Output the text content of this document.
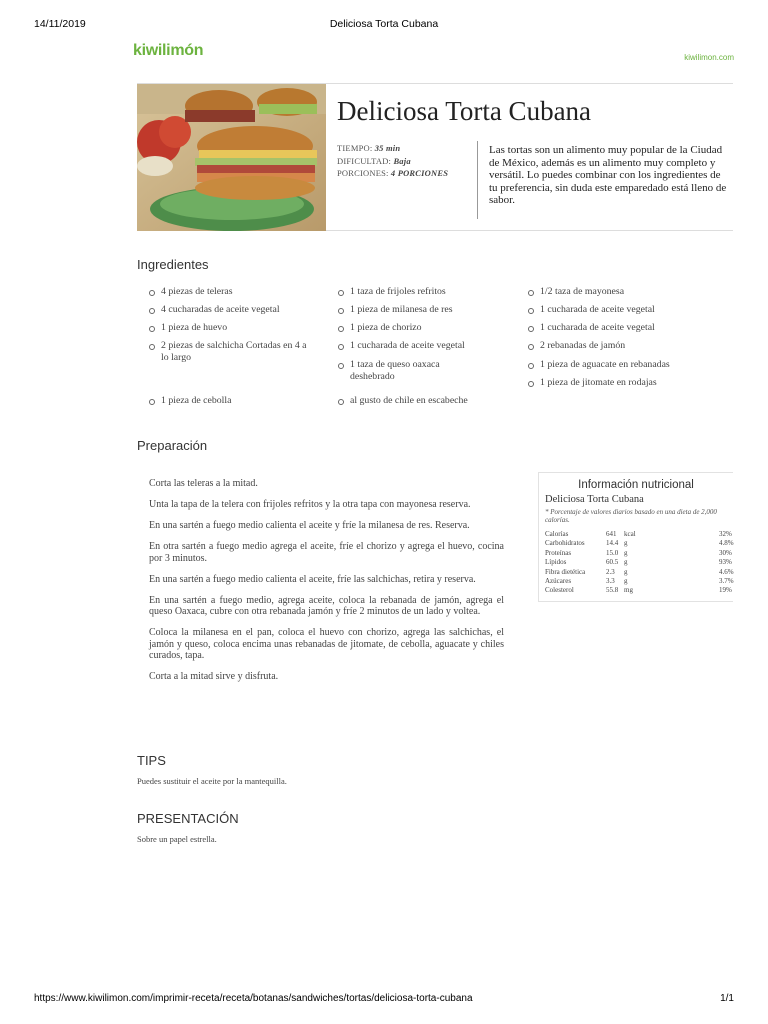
14/11/2019	Deliciosa Torta Cubana
kiwilimón	kiwilimon.com
Deliciosa Torta Cubana
TIEMPO: 35 min
DIFICULTAD: Baja
PORCIONES: 4 PORCIONES

Las tortas son un alimento muy popular de la Ciudad de México, además es un alimento muy completo y versátil. Lo puedes combinar con los ingredientes de tu preferencia, sin duda este emparedado está lleno de sabor.

Ingredientes
4 piezas de teleras
4 cucharadas de aceite vegetal
1 pieza de huevo
2 piezas de salchicha Cortadas en 4 a lo largo
1 pieza de cebolla
1 taza de frijoles refritos
1 pieza de milanesa de res
1 pieza de chorizo
1 cucharada de aceite vegetal
1 taza de queso oaxaca deshebrado
al gusto de chile en escabeche
1/2 taza de mayonesa
1 cucharada de aceite vegetal
1 cucharada de aceite vegetal
2 rebanadas de jamón
1 pieza de aguacate en rebanadas
1 pieza de jitomate en rodajas
Preparación

Corta las teleras a la mitad.

Unta la tapa de la telera con frijoles refritos y la otra tapa con mayonesa reserva.

En una sartén a fuego medio calienta el aceite y fríe la milanesa de res. Reserva.

En otra sartén a fuego medio agrega el aceite, fríe el chorizo y agrega el huevo, cocina por 3 minutos.

En una sartén a fuego medio calienta el aceite, fríe las salchichas, retira y reserva.

En una sartén a fuego medio, agrega aceite, coloca la rebanada de jamón, agrega el queso Oaxaca, cubre con otra rebanada jamón y fríe 2 minutos de un lado y voltea.

Coloca la milanesa en el pan, coloca el huevo con chorizo, agrega las salchichas, el jamón y queso, coloca encima unas rebanadas de jitomate, de cebolla, aguacate y chiles curados, tapa.

Corta a la mitad sirve y disfruta.

Información nutricional
Deliciosa Torta Cubana
* Porcentaje de valores diarios basado en una dieta de 2,000 calorías.
Calorías	641 kcal	32%
Carbohidratos	14.4 g	4.8%
Proteínas	15.0 g	30%
Lípidos	60.5 g	93%
Fibra dietética	2.3 g	4.6%
Azúcares	3.3 g	3.7%
Colesterol	55.8 mg	19%
TIPS

Puedes sustituir el aceite por la mantequilla.

PRESENTACIÓN

Sobre un papel estrella.

https://www.kiwilimon.com/imprimir-receta/receta/botanas/sandwiches/tortas/deliciosa-torta-cubana	1/1
